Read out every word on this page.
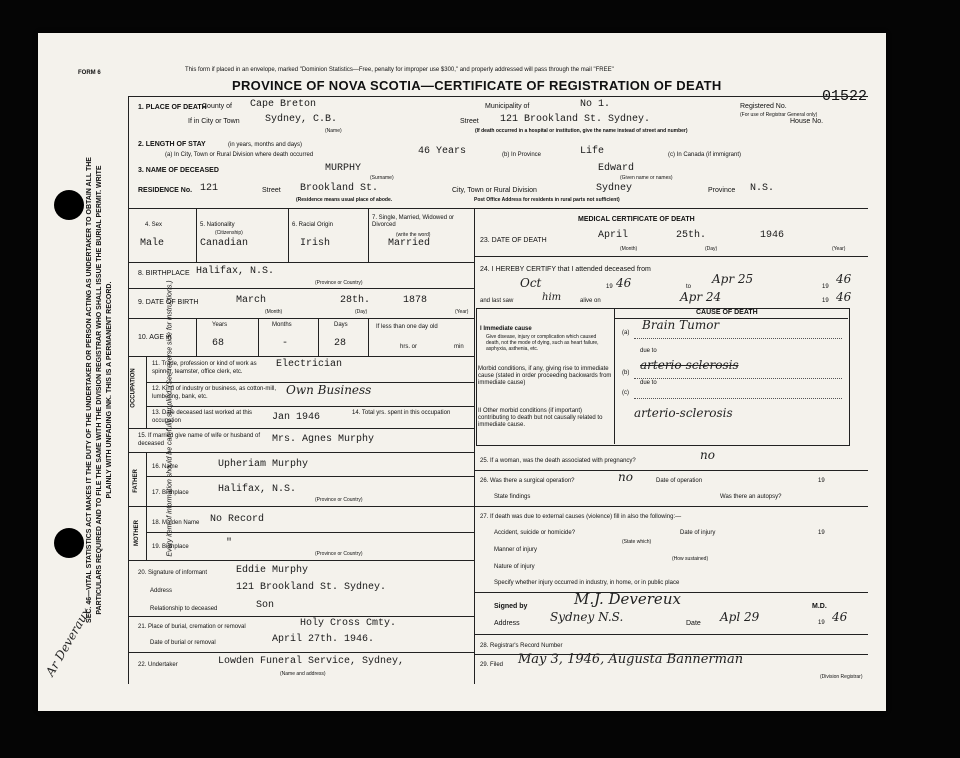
FORM 6	This form if placed in an envelope, marked "Dominion Statistics—Free, penalty for improper use $300," and properly addressed will pass through the mail "FREE"
PROVINCE OF NOVA SCOTIA—CERTIFICATE OF REGISTRATION OF DEATH
01522
SEC. 46—VITAL STATISTICS ACT MAKES IT THE DUTY OF THE UNDERTAKER OR PERSON ACTING AS UNDERTAKER TO OBTAIN ALL THE PARTICULARS REQUIRED AND TO FILE THE SAME WITH THE DIVISION REGISTRAR WHO SHALL ISSUE THE BURIAL PERMIT. WRITE PLAINLY WITH UNFADING INK. THIS IS A PERMANENT RECORD.	Every item of information should be carefully supplied. (See reverse side for instructions.)
Ar Deveraux
1. PLACE OF DEATH
County of Cape Breton	Municipality of	No 1.	Registered No.
(For use of Registrar General only)
If in City or Town	Sydney, C.B.
(Name)
Street 121 Brookland St. Sydney.	House No.
(If death occurred in a hospital or institution, give the name instead of street and number)
2. LENGTH OF STAY	(in years, months and days)
(a) In City, Town or Rural Division where death occurred	46 Years	(b) In Province	Life	(c) In Canada (if immigrant)
3. NAME OF DECEASED	MURPHY
(Surname)
Edward
(Given name or names)
RESIDENCE No. 121	Street Brookland St.	City, Town or Rural Division	Sydney	Province N.S.
(Residence means usual place of abode.	Post Office Address for residents in rural parts not sufficient)
4. Sex
Male
5. Nationality
(Citizenship)
Canadian
6. Racial Origin
Irish
7. Single, Married, Widowed or Divorced
(write the word)
Married
8. BIRTHPLACE Halifax, N.S.
(Province or Country)
9. DATE OF BIRTH	March	28th.	1878
(Month)	(Day)	(Year)
10. AGE in
Years	Months	Days
68	-	28
If less than one day old
hrs. or	min
OCCUPATION
11. Trade, profession or kind of work as spinner, teamster, office clerk, etc.
Electrician
12. Kind of industry or business, as cotton-mill, lumbering, bank, etc.	Own Business
13. Date deceased last worked at this occupation	Jan 1946	14. Total yrs. spent in this occupation
15. If married give name of wife or husband of deceased	Mrs. Agnes Murphy
FATHER
16. Name	Upheriam Murphy
17. Birthplace	Halifax, N.S.
(Province or Country)
MOTHER 18. Maiden Name No Record
19. Birthplace	"
(Province or Country)
20. Signature of informant	Eddie Murphy
Address	121 Brookland St. Sydney.
Relationship to deceased	Son
21. Place of burial, cremation or removal	Holy Cross Cmty.
Date of burial or removal	April 27th. 1946.
22. Undertaker	Lowden Funeral Service, Sydney,
(Name and address)
MEDICAL CERTIFICATE OF DEATH
23. DATE OF DEATH	April	25th.	1946
(Month)	(Day)	(Year)
24. I HEREBY CERTIFY that I attended deceased from
Oct	19 46	to
Apr 25
19
46
and last saw	him	alive on	Apr 24	19 46
CAUSE OF DEATH
I Immediate cause
Give disease, injury or complication which caused death, not the mode of dying, such as heart failure, asphyxia, asthenia, etc.
Morbid conditions, if any, giving rise to immediate cause (stated in order proceeding backwards from immediate cause)
II Other morbid conditions (if important) contributing to death but not causally related to immediate cause.
(a)
Brain Tumor
due to
(b)
arterio-sclerosis
due to
(c)
arterio-sclerosis
25. If a woman, was the death associated with pregnancy?	no
26. Was there a surgical operation?	no	Date of operation	19
State findings	Was there an autopsy?
27. If death was due to external causes (violence) fill in also the following:—
Accident, suicide or homicide?
(State which)
Date of injury	19
Manner of injury
(How sustained)
Nature of injury
Specify whether injury occurred in industry, in home, or in public place
Signed by	M.J. Devereux	M.D.
Address	Sydney N.S.	Date Apl 29	19 46
28. Registrar's Record Number
29. Filed May 3, 1946, Augusta Bannerman
(Division Registrar)
